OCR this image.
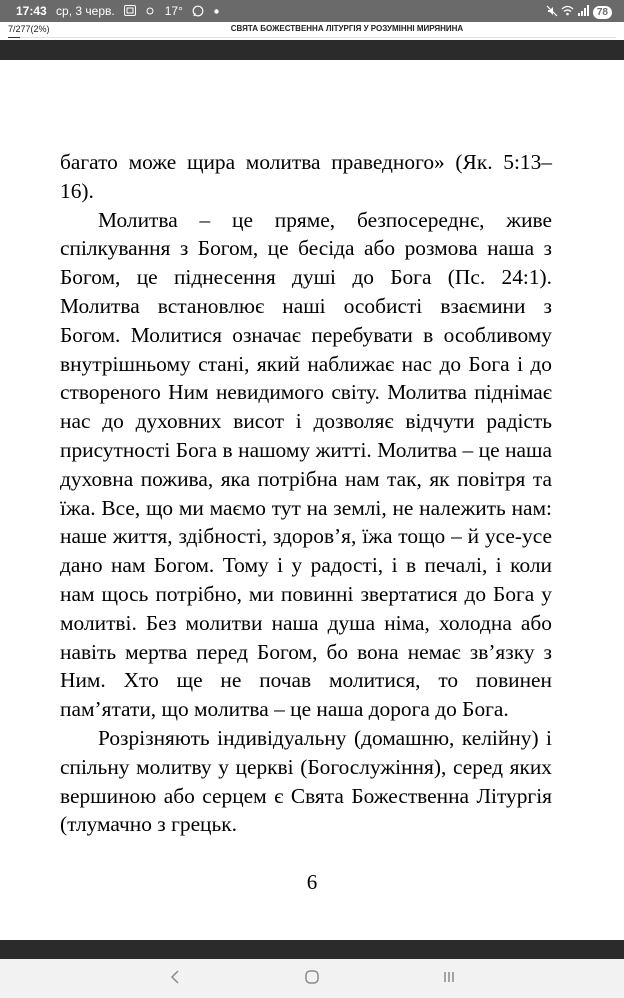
17:43 ср, 3 черв.	17°	78
7/277(2%)	СВЯТА БОЖЕСТВЕННА ЛІТУРГІЯ У РОЗУМІННІ МИРЯНИНА

багато може щира молитва праведного» (Як. 5:13–16).

Молитва – це пряме, безпосереднє, живе спілкування з Богом, це бесіда або розмова наша з Богом, це піднесення душі до Бога (Пс. 24:1). Молитва встановлює наші особисті взаємини з Богом. Молитися означає перебувати в особливому внутрішньому стані, який наближає нас до Бога і до створеного Ним невидимого світу. Молитва піднімає нас до духовних висот і дозволяє відчути радість присутності Бога в нашому житті. Молитва – це наша духовна пожива, яка потрібна нам так, як повітря та їжа. Все, що ми маємо тут на землі, не належить нам: наше життя, здібності, здоров’я, їжа тощо – й усе-усе дано нам Богом. Тому і у радості, і в печалі, і коли нам щось потрібно, ми повинні звертатися до Бога у молитві. Без молитви наша душа німа, холодна або навіть мертва перед Богом, бо вона немає зв’язку з Ним. Хто ще не почав молитися, то повинен пам’ятати, що молитва – це наша дорога до Бога.

Розрізняють індивідуальну (домашню, келійну) і спільну молитву у церкві (Богослужіння), серед яких вершиною або серцем є Свята Божественна Літургія (тлумачно з грецьк.

6
